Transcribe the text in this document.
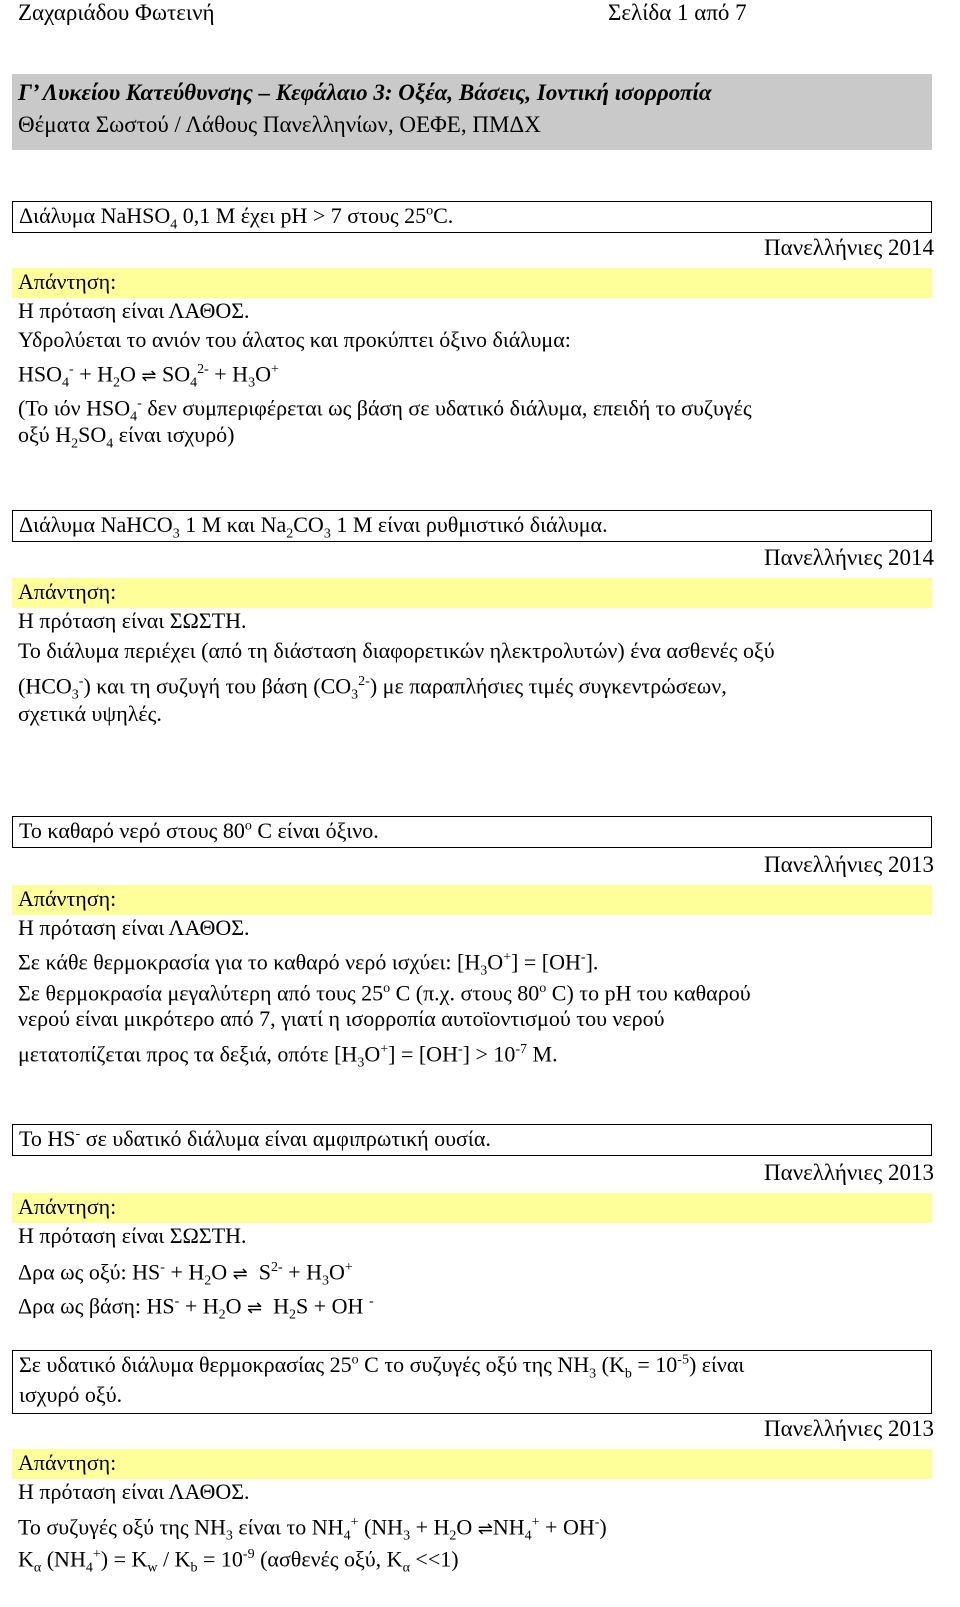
Ζαχαριάδου Φωτεινή	Σελίδα 1 από 7
Γ’ Λυκείου Κατεύθυνσης – Κεφάλαιο 3: Οξέα, Βάσεις, Ιοντική ισορροπία
Θέματα Σωστού / Λάθους Πανελληνίων, ΟΕΦΕ, ΠΜΔΧ
Διάλυμα NaHSO$_4$ 0,1 M έχει pH > 7 στους 25$^o$C.
Πανελλήνιες 2014
Απάντηση:
Η πρόταση είναι ΛΑΘΟΣ.
Υδρολύεται το ανιόν του άλατος και προκύπτει όξινο διάλυμα:
$HSO_4^- + H_2O$ ⇌ $SO_4^{2-} + H_3O^+$
(Το ιόν $HSO_4^-$ δεν συμπεριφέρεται ως βάση σε υδατικό διάλυμα, επειδή το συζυγές
οξύ $H_2SO_4$ είναι ισχυρό)
Διάλυμα NaHCO$_3$ 1 M και $Na_2CO_3$ 1 M είναι ρυθμιστικό διάλυμα.
Πανελλήνιες 2014
Απάντηση:
Η πρόταση είναι ΣΩΣΤΗ.
Το διάλυμα περιέχει (από τη διάσταση διαφορετικών ηλεκτρολυτών) ένα ασθενές οξύ
$(HCO_3^-)$ και τη συζυγή του βάση $(CO_3^{2-})$ με παραπλήσιες τιμές συγκεντρώσεων,
σχετικά υψηλές.
Το καθαρό νερό στους 80$^o$ C είναι όξινο.
Πανελλήνιες 2013
Απάντηση:
Η πρόταση είναι ΛΑΘΟΣ.
Σε κάθε θερμοκρασία για το καθαρό νερό ισχύει: $[H_3O^+] = [OH^-]$.
Σε θερμοκρασία μεγαλύτερη από τους 25$^o$ C (π.χ. στους 80$^o$ C) το pH του καθαρού
νερού είναι μικρότερο από 7, γιατί η ισορροπία αυτοϊοντισμού του νερού
μετατοπίζεται προς τα δεξιά, οπότε $[H_3O^+] = [OH^-] > 10^{-7}$ M.
Το HS- σε υδατικό διάλυμα είναι αμφιπρωτική ουσία.
Πανελλήνιες 2013
Απάντηση:
Η πρόταση είναι ΣΩΣΤΗ.
Δρα ως οξύ: $HS^- + H_2O$ ⇌  $S^{2-} + H_3O^+$
Δρα ως βάση: $HS^- + H_2O$ ⇌  $H_2S$ + OH -
Σε υδατικό διάλυμα θερμοκρασίας 25$^o$ C το συζυγές οξύ της $NH_3$ $(K_b = 10^{-5})$ είναι
ισχυρό οξύ.
Πανελλήνιες 2013
Απάντηση:
Η πρόταση είναι ΛΑΘΟΣ.
Το συζυγές οξύ της $NH_3$ είναι το $NH_4^+$ ($NH_3 + H_2O$ $\rightleftharpoons NH_4^+ + OH^-$)
$K_\alpha$ $(NH_4^+) = K_w / K_b = 10^{-9}$ (ασθενές οξύ, $K_\alpha <<1$)
